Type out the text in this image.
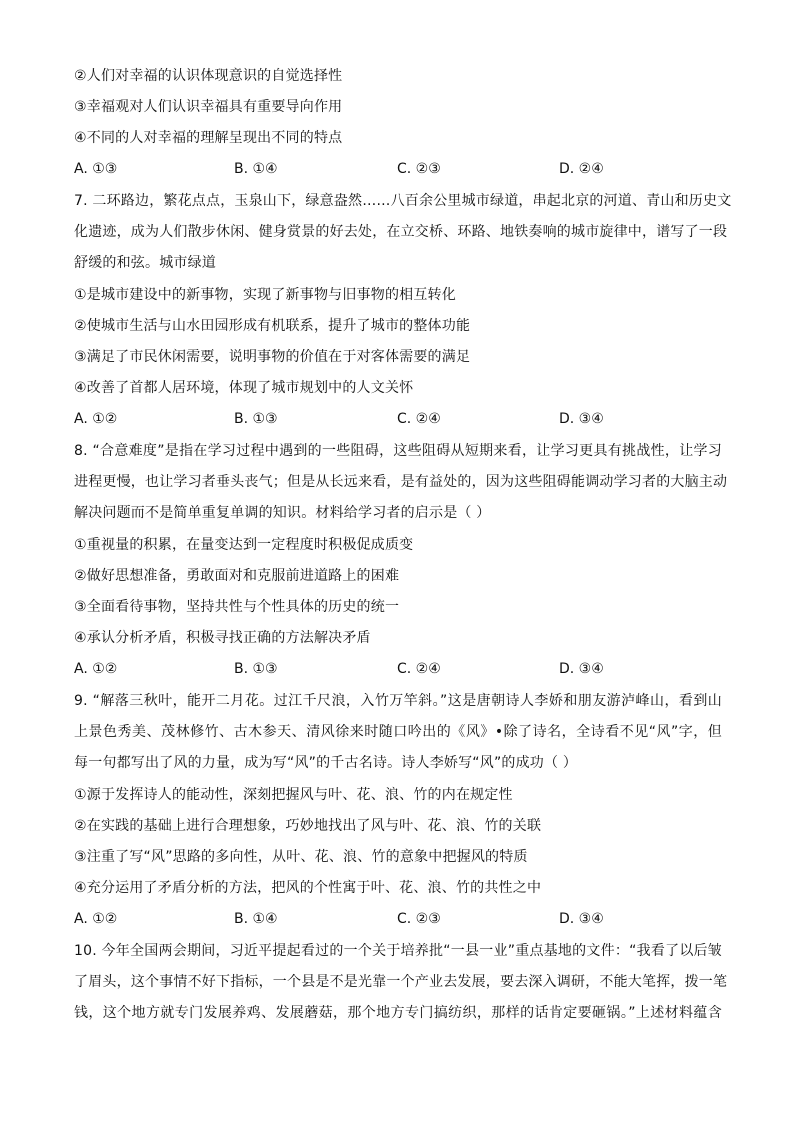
②人们对幸福的认识体现意识的自觉选择性
③幸福观对人们认识幸福具有重要导向作用
④不同的人对幸福的理解呈现出不同的特点
A. ①③	B. ①④	C. ②③	D. ②④
7. 二环路边，繁花点点，玉泉山下，绿意盎然……八百余公里城市绿道，串起北京的河道、青山和历史文
化遗迹，成为人们散步休闲、健身赏景的好去处，在立交桥、环路、地铁奏响的城市旋律中，谱写了一段
舒缓的和弦。城市绿道
①是城市建设中的新事物，实现了新事物与旧事物的相互转化
②使城市生活与山水田园形成有机联系，提升了城市的整体功能
③满足了市民休闲需要，说明事物的价值在于对客体需要的满足
④改善了首都人居环境，体现了城市规划中的人文关怀
A. ①②	B. ①③	C. ②④	D. ③④
8. “合意难度”是指在学习过程中遇到的一些阻碍，这些阻碍从短期来看，让学习更具有挑战性，让学习
进程更慢，也让学习者垂头丧气；但是从长远来看，是有益处的，因为这些阻碍能调动学习者的大脑主动
解决问题而不是简单重复单调的知识。材料给学习者的启示是（ ）
①重视量的积累，在量变达到一定程度时积极促成质变
②做好思想准备，勇敢面对和克服前进道路上的困难
③全面看待事物，坚持共性与个性具体的历史的统一
④承认分析矛盾，积极寻找正确的方法解决矛盾
A. ①②	B. ①③	C. ②④	D. ③④
9. “解落三秋叶，能开二月花。过江千尺浪，入竹万竿斜。”这是唐朝诗人李娇和朋友游泸峰山，看到山
上景色秀美、茂林修竹、古木参天、清风徐来时随口吟出的《风》•除了诗名，全诗看不见“风”字，但
每一句都写出了风的力量，成为写“风”的千古名诗。诗人李娇写“风”的成功（ ）
①源于发挥诗人的能动性，深刻把握风与叶、花、浪、竹的内在规定性
②在实践的基础上进行合理想象，巧妙地找出了风与叶、花、浪、竹的关联
③注重了写“风”思路的多向性，从叶、花、浪、竹的意象中把握风的特质
④充分运用了矛盾分析的方法，把风的个性寓于叶、花、浪、竹的共性之中
A. ①②	B. ①④	C. ②③	D. ③④
10. 今年全国两会期间，习近平提起看过的一个关于培养批“一县一业”重点基地的文件：“我看了以后皱
了眉头，这个事情不好下指标，一个县是不是光靠一个产业去发展，要去深入调研，不能大笔挥，拨一笔
钱，这个地方就专门发展养鸡、发展蘑菇，那个地方专门搞纺织，那样的话肯定要砸锅。”上述材料蕴含
